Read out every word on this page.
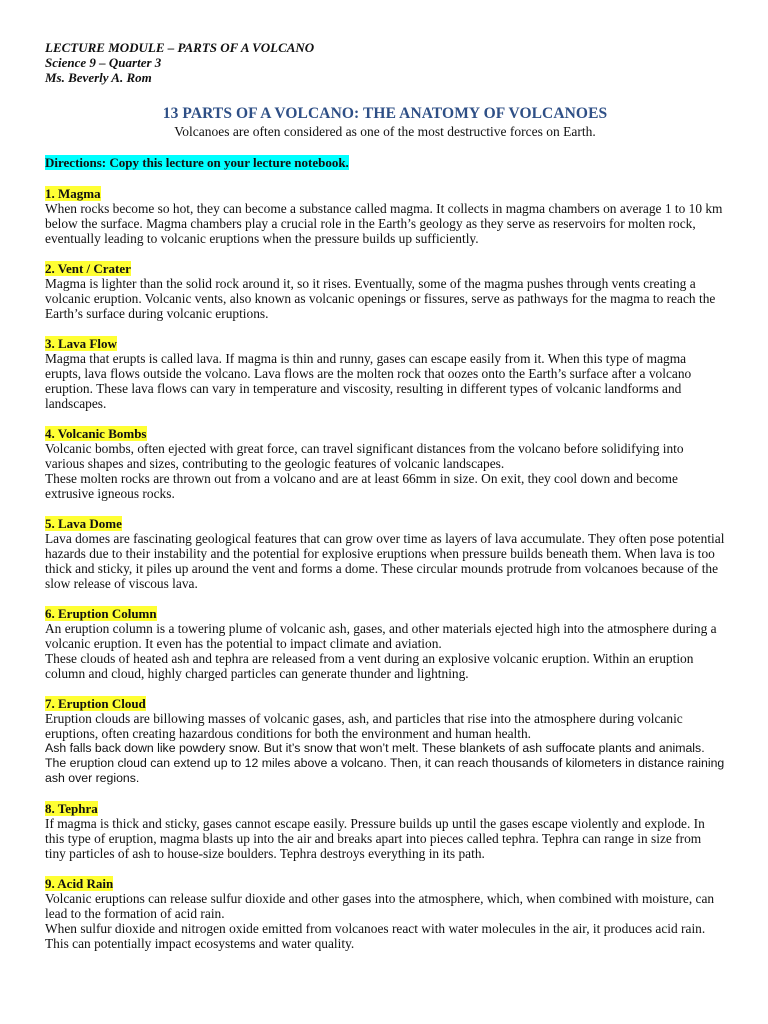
LECTURE MODULE – PARTS OF A VOLCANO

Science 9 – Quarter 3

Ms. Beverly A. Rom

13 PARTS OF A VOLCANO: THE ANATOMY OF VOLCANOES

Volcanoes are often considered as one of the most destructive forces on Earth.

Directions: Copy this lecture on your lecture notebook.

1. Magma

When rocks become so hot, they can become a substance called magma. It collects in magma chambers on average 1 to 10 km below the surface. Magma chambers play a crucial role in the Earth’s geology as they serve as reservoirs for molten rock, eventually leading to volcanic eruptions when the pressure builds up sufficiently.

2. Vent / Crater

Magma is lighter than the solid rock around it, so it rises. Eventually, some of the magma pushes through vents creating a volcanic eruption. Volcanic vents, also known as volcanic openings or fissures, serve as pathways for the magma to reach the Earth’s surface during volcanic eruptions.

3. Lava Flow

Magma that erupts is called lava. If magma is thin and runny, gases can escape easily from it. When this type of magma erupts, lava flows outside the volcano. Lava flows are the molten rock that oozes onto the Earth’s surface after a volcano eruption. These lava flows can vary in temperature and viscosity, resulting in different types of volcanic landforms and landscapes.

4. Volcanic Bombs

Volcanic bombs, often ejected with great force, can travel significant distances from the volcano before solidifying into various shapes and sizes, contributing to the geologic features of volcanic landscapes.

These molten rocks are thrown out from a volcano and are at least 66mm in size. On exit, they cool down and become extrusive igneous rocks.

5. Lava Dome

Lava domes are fascinating geological features that can grow over time as layers of lava accumulate. They often pose potential hazards due to their instability and the potential for explosive eruptions when pressure builds beneath them. When lava is too thick and sticky, it piles up around the vent and forms a dome. These circular mounds protrude from volcanoes because of the slow release of viscous lava.

6. Eruption Column

An eruption column is a towering plume of volcanic ash, gases, and other materials ejected high into the atmosphere during a volcanic eruption. It even has the potential to impact climate and aviation.

These clouds of heated ash and tephra are released from a vent during an explosive volcanic eruption. Within an eruption column and cloud, highly charged particles can generate thunder and lightning.

7. Eruption Cloud

Eruption clouds are billowing masses of volcanic gases, ash, and particles that rise into the atmosphere during volcanic eruptions, often creating hazardous conditions for both the environment and human health.

Ash falls back down like powdery snow. But it’s snow that won’t melt. These blankets of ash suffocate plants and animals. The eruption cloud can extend up to 12 miles above a volcano. Then, it can reach thousands of kilometers in distance raining ash over regions.

8. Tephra

If magma is thick and sticky, gases cannot escape easily. Pressure builds up until the gases escape violently and explode. In this type of eruption, magma blasts up into the air and breaks apart into pieces called tephra. Tephra can range in size from tiny particles of ash to house-size boulders. Tephra destroys everything in its path.

9. Acid Rain

Volcanic eruptions can release sulfur dioxide and other gases into the atmosphere, which, when combined with moisture, can lead to the formation of acid rain.

When sulfur dioxide and nitrogen oxide emitted from volcanoes react with water molecules in the air, it produces acid rain. This can potentially impact ecosystems and water quality.
